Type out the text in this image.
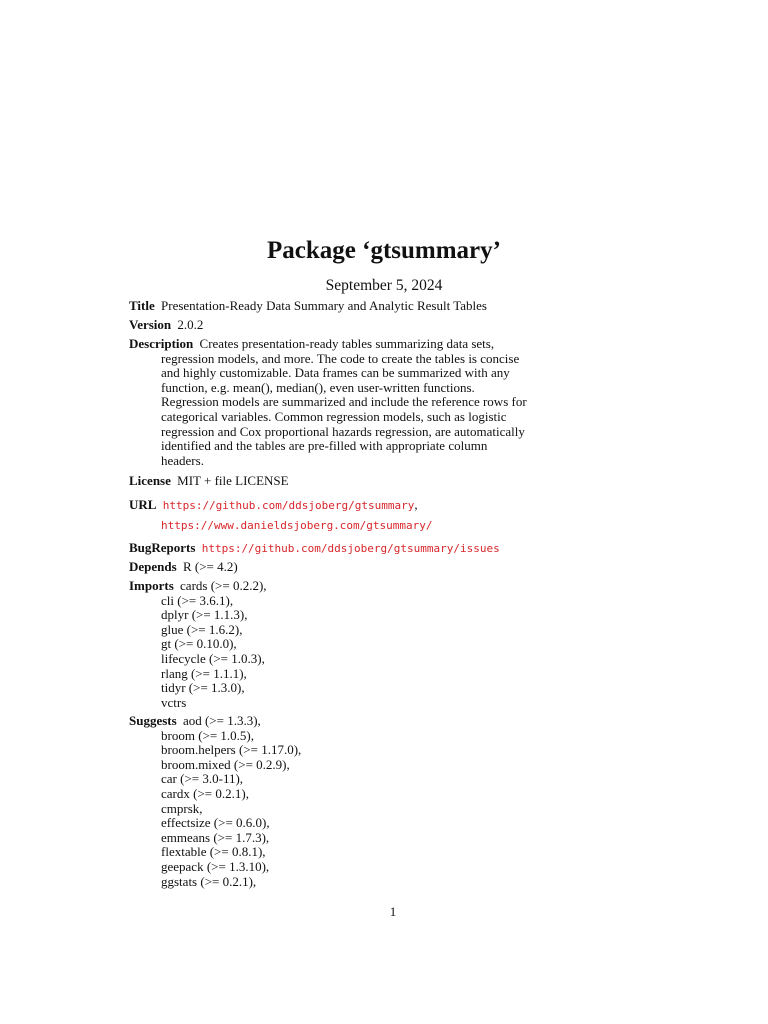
Package ‘gtsummary’
September 5, 2024
Title Presentation-Ready Data Summary and Analytic Result Tables
Version 2.0.2
Description Creates presentation-ready tables summarizing data sets,
regression models, and more. The code to create the tables is concise
and highly customizable. Data frames can be summarized with any
function, e.g. mean(), median(), even user-written functions.
Regression models are summarized and include the reference rows for
categorical variables. Common regression models, such as logistic
regression and Cox proportional hazards regression, are automatically
identified and the tables are pre-filled with appropriate column
headers.
License MIT + file LICENSE
URL https://github.com/ddsjoberg/gtsummary,
https://www.danieldsjoberg.com/gtsummary/
BugReports https://github.com/ddsjoberg/gtsummary/issues
Depends R (>= 4.2)
Imports cards (>= 0.2.2),
cli (>= 3.6.1),
dplyr (>= 1.1.3),
glue (>= 1.6.2),
gt (>= 0.10.0),
lifecycle (>= 1.0.3),
rlang (>= 1.1.1),
tidyr (>= 1.3.0),
vctrs
Suggests aod (>= 1.3.3),
broom (>= 1.0.5),
broom.helpers (>= 1.17.0),
broom.mixed (>= 0.2.9),
car (>= 3.0-11),
cardx (>= 0.2.1),
cmprsk,
effectsize (>= 0.6.0),
emmeans (>= 1.7.3),
flextable (>= 0.8.1),
geepack (>= 1.3.10),
ggstats (>= 0.2.1),
1
